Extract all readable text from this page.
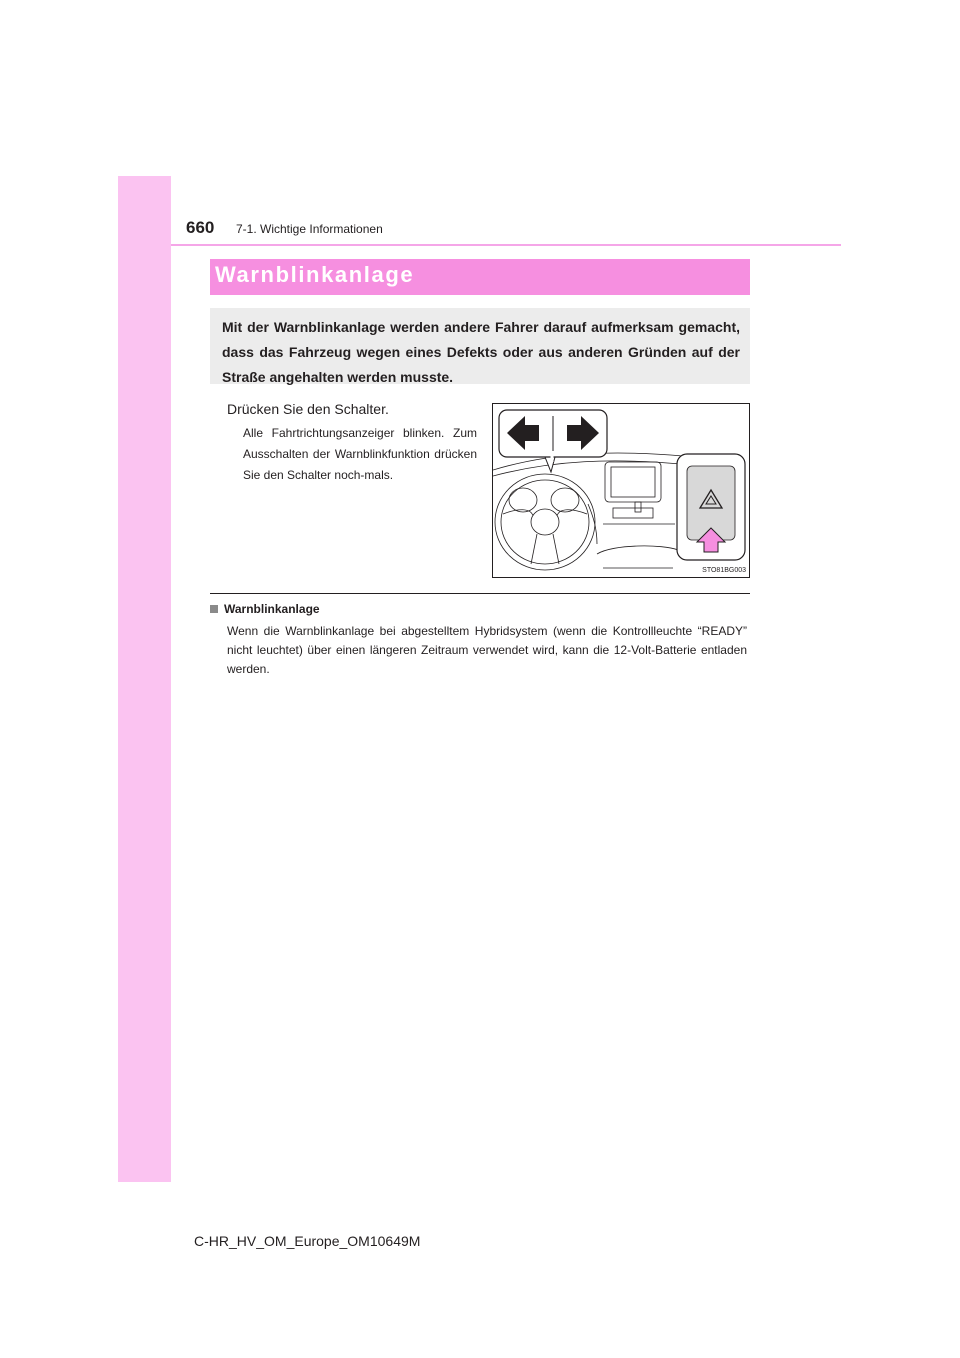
660 7-1. Wichtige Informationen
Warnblinkanlage
Mit der Warnblinkanlage werden andere Fahrer darauf aufmerksam gemacht, dass das Fahrzeug wegen eines Defekts oder aus anderen Gründen auf der Straße angehalten werden musste.
Drücken Sie den Schalter.
Alle Fahrtrichtungsanzeiger blinken. Zum Ausschalten der Warnblinkfunktion drücken Sie den Schalter noch-mals.
STO81BG003
Warnblinkanlage
Wenn die Warnblinkanlage bei abgestelltem Hybridsystem (wenn die Kontrollleuchte “READY” nicht leuchtet) über einen längeren Zeitraum verwendet wird, kann die 12-Volt-Batterie entladen werden.
C-HR_HV_OM_Europe_OM10649M
